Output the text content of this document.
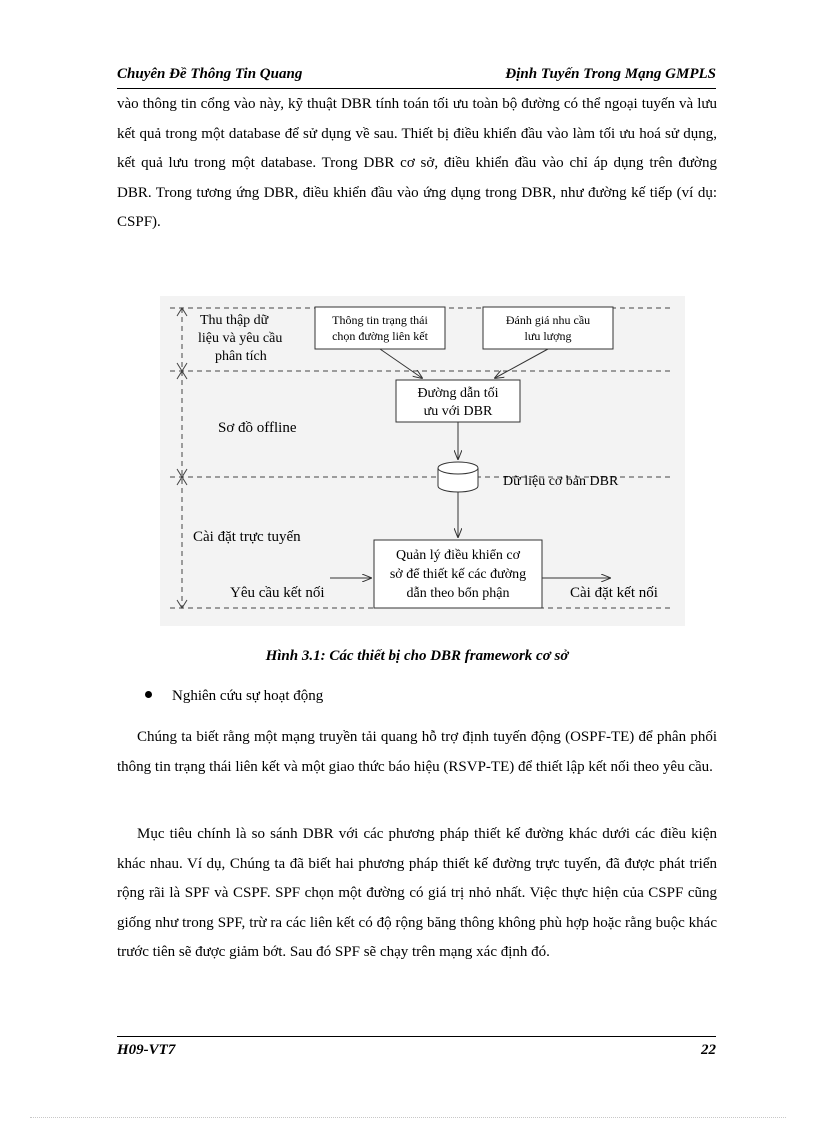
Chuyên Đề Thông Tin Quang	Định Tuyến Trong Mạng GMPLS
vào thông tin cổng vào này, kỹ thuật DBR tính toán tối ưu toàn bộ đường có thể ngoại tuyến và lưu kết quả trong một database để sử dụng về sau. Thiết bị điều khiển đầu vào làm tối ưu hoá sử dụng, kết quả lưu trong một database. Trong DBR cơ sở, điều khiển đầu vào chỉ áp dụng trên đường DBR. Trong tương ứng DBR, điều khiển đầu vào ứng dụng trong DBR, như đường kế tiếp (ví dụ: CSPF).
Thu thập dữ
liệu và yêu cầu
phân tích
Sơ đồ offline
Cài đặt trực tuyến
Yêu cầu kết nối
Thông tin trạng thái
chọn đường liên kết
Đánh giá nhu cầu
lưu lượng
Đường dẫn tối
ưu với DBR
Dữ liệu cơ bản DBR
Quản lý điều khiển cơ
sở để thiết kế các đường
dẫn theo bổn phận	Cài đặt kết nối
Hình 3.1: Các thiết bị cho DBR framework cơ sở
Nghiên cứu sự hoạt động
Chúng ta biết rằng một mạng truyền tải quang hỗ trợ định tuyến động (OSPF-TE) để phân phối thông tin trạng thái liên kết và một giao thức báo hiệu (RSVP-TE) để thiết lập kết nối theo yêu cầu.
Mục tiêu chính là so sánh DBR với các phương pháp thiết kế đường khác dưới các điều kiện khác nhau. Ví dụ, Chúng ta đã biết hai phương pháp thiết kế đường trực tuyến, đã được phát triển rộng rãi là SPF và CSPF. SPF chọn một đường có giá trị nhỏ nhất. Việc thực hiện của CSPF cũng giống như trong SPF, trừ ra các liên kết có độ rộng băng thông không phù hợp hoặc rằng buộc khác trước tiên sẽ được giảm bớt. Sau đó SPF sẽ chạy trên mạng xác định đó.
H09-VT7	22
